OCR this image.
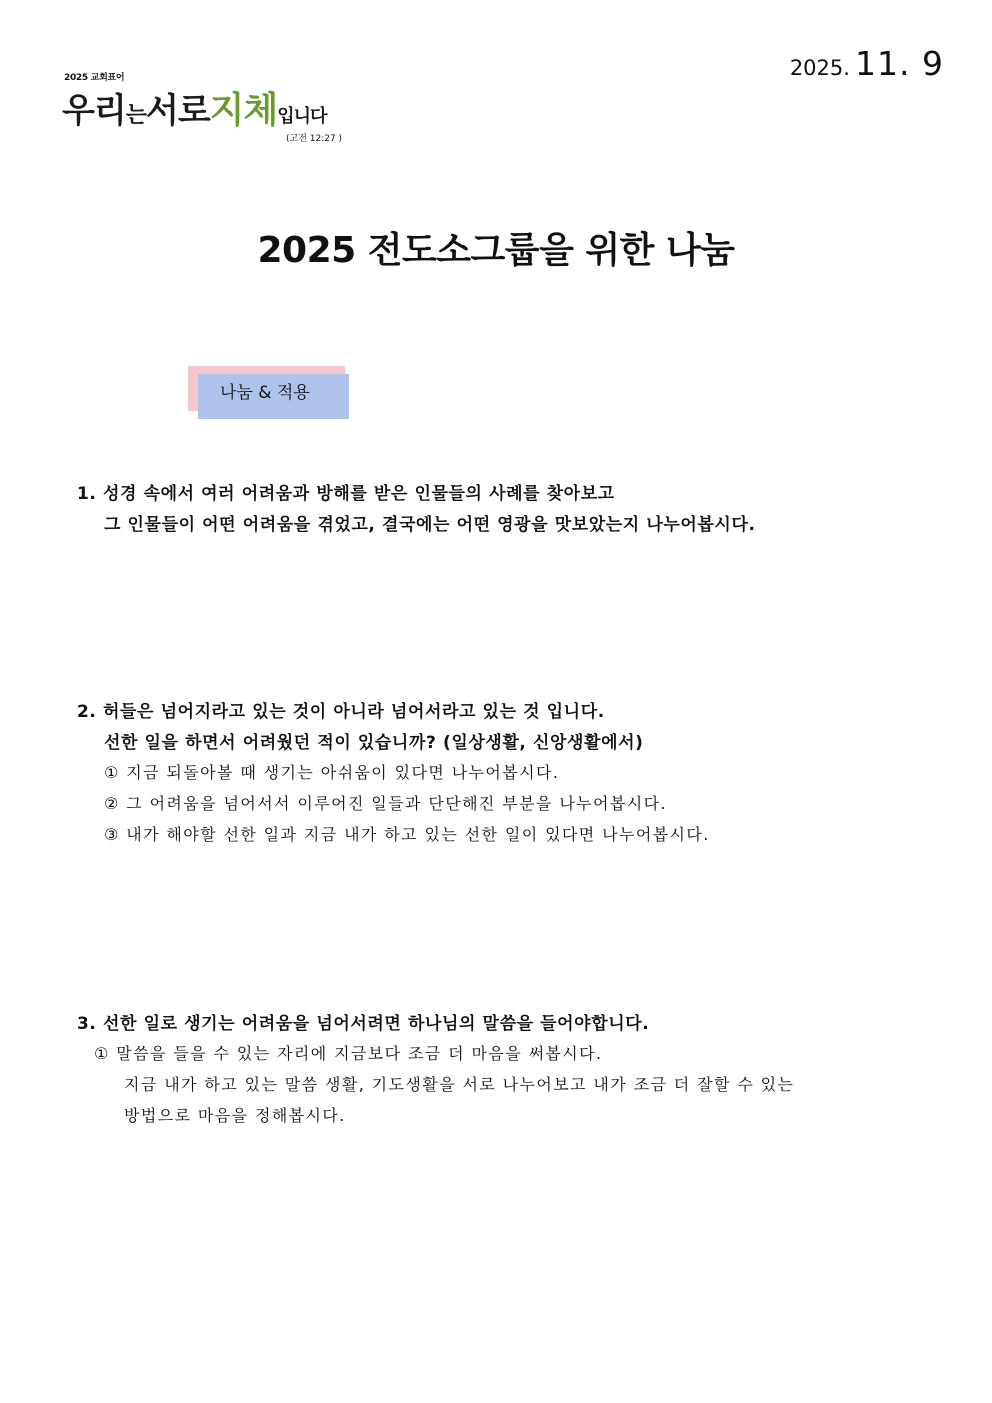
2025 교회표어
우리는서로지체입니다
(고전 12:27 )
2025. 11. 9
2025 전도소그룹을 위한 나눔
나눔 & 적용
1. 성경 속에서 여러 어려움과 방해를 받은 인물들의 사례를 찾아보고
그 인물들이 어떤 어려움을 겪었고, 결국에는 어떤 영광을 맛보았는지 나누어봅시다.
2. 허들은 넘어지라고 있는 것이 아니라 넘어서라고 있는 것 입니다.
선한 일을 하면서 어려웠던 적이 있습니까? (일상생활, 신앙생활에서)
① 지금 되돌아볼 때 생기는 아쉬움이 있다면 나누어봅시다.
② 그 어려움을 넘어서서 이루어진 일들과 단단해진 부분을 나누어봅시다.
③ 내가 해야할 선한 일과 지금 내가 하고 있는 선한 일이 있다면 나누어봅시다.
3. 선한 일로 생기는 어려움을 넘어서려면 하나님의 말씀을 들어야합니다.
① 말씀을 들을 수 있는 자리에 지금보다 조금 더 마음을 써봅시다.
지금 내가 하고 있는 말씀 생활, 기도생활을 서로 나누어보고 내가 조금 더 잘할 수 있는
방법으로 마음을 정해봅시다.
